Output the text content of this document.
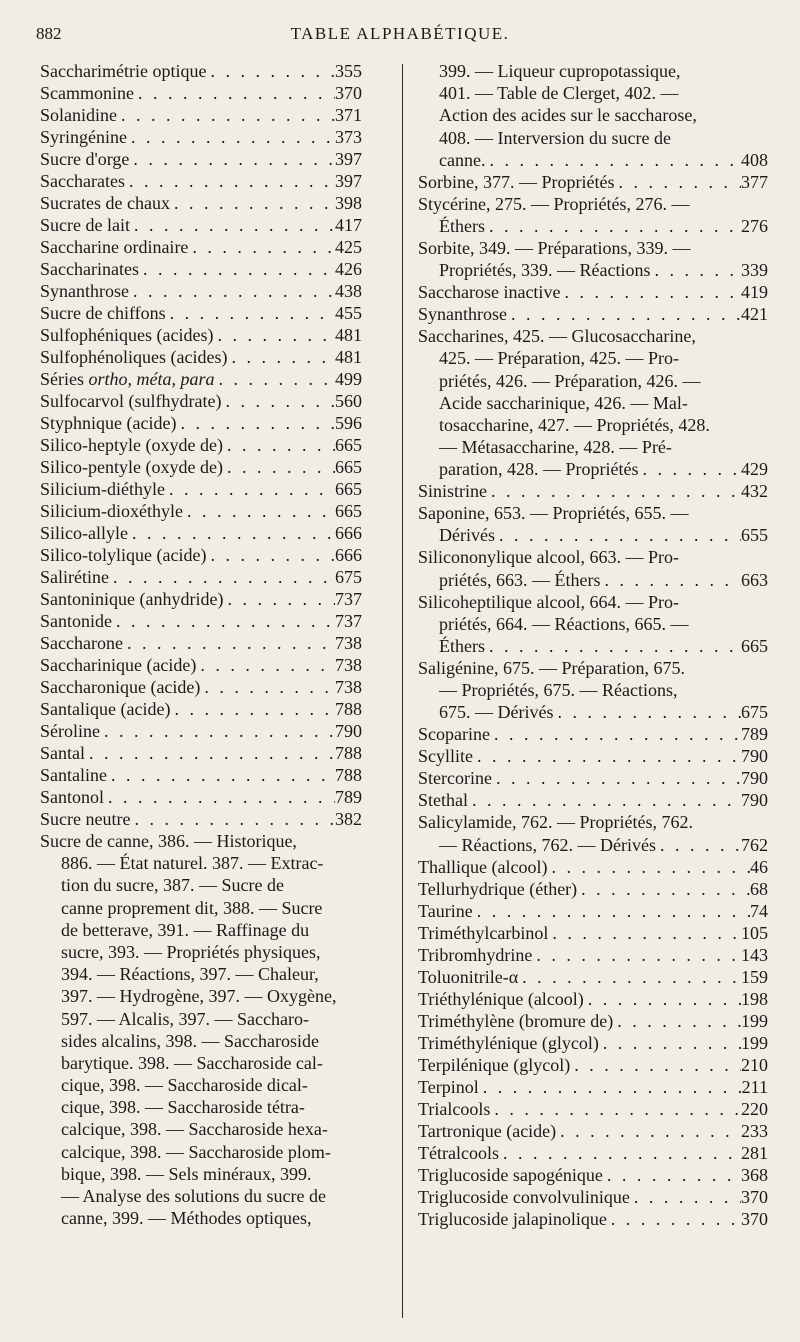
882	TABLE ALPHABÉTIQUE.
Saccharimétrie optique . . .	355
Scammonine . . .	370
Solanidine . . .	371
Syringénine . . .	373
Sucre d'orge . . .	397
Saccharates . . .	397
Sucrates de chaux . . .	398
Sucre de lait . . .	417
Saccharine ordinaire . . .	425
Saccharinates . . .	426
Synanthrose . . .	438
Sucre de chiffons . . .	455
Sulfophéniques (acides) . . .	481
Sulfophénoliques (acides) . . .	481
Séries ortho, méta, para . . .	499
Sulfocarvol (sulfhydrate) . . .	560
Styphnique (acide) . . .	596
Silico-heptyle (oxyde de) . . .	665
Silico-pentyle (oxyde de) . . .	665
Silicium-diéthyle . . .	665
Silicium-dioxéthyle . . .	665
Silico-allyle . . .	666
Silico-tolylique (acide) . . .	666
Salirétine . . .	675
Santoninique (anhydride) . . .	737
Santonide . . .	737
Saccharone . . .	738
Saccharinique (acide) . . .	738
Saccharonique (acide) . . .	738
Santalique (acide) . . .	788
Séroline . . .	790
Santal . . .	788
Santaline . . .	788
Santonol . . .	789
Sucre neutre . . .	382
Sucre de canne, 386. — Historique,
886. — État naturel. 387. — Extrac-
tion du sucre, 387. — Sucre de
canne proprement dit, 388. — Sucre
de betterave, 391. — Raffinage du
sucre, 393. — Propriétés physiques,
394. — Réactions, 397. — Chaleur,
397. — Hydrogène, 397. — Oxygène,
597. — Alcalis, 397. — Saccharo-
sides alcalins, 398. — Saccharoside
barytique. 398. — Saccharoside cal-
cique, 398. — Saccharoside dical-
cique, 398. — Saccharoside tétra-
calcique, 398. — Saccharoside hexa-
calcique, 398. — Saccharoside plom-
bique, 398. — Sels minéraux, 399.
— Analyse des solutions du sucre de
canne, 399. — Méthodes optiques,
399. — Liqueur cupropotassique,
401. — Table de Clerget, 402. —
Action des acides sur le saccharose,
408. — Interversion du sucre de
canne. . . .	408
Sorbine, 377. — Propriétés . . .	377
Stycérine, 275. — Propriétés, 276. —
Éthers . . .	276
Sorbite, 349. — Préparations, 339. —
Propriétés, 339. — Réactions . . .	339
Saccharose inactive . . .	419
Synanthrose . . .	421
Saccharines, 425. — Glucosaccharine,
425. — Préparation, 425. — Pro-
priétés, 426. — Préparation, 426. —
Acide saccharinique, 426. — Mal-
tosaccharine, 427. — Propriétés, 428.
— Métasaccharine, 428. — Pré-
paration, 428. — Propriétés . . .	429
Sinistrine . . .	432
Saponine, 653. — Propriétés, 655. —
Dérivés . . .	655
Silicononylique alcool, 663. — Pro-
priétés, 663. — Éthers . . .	663
Silicoheptilique alcool, 664. — Pro-
priétés, 664. — Réactions, 665. —
Éthers . . .	665
Saligénine, 675. — Préparation, 675.
— Propriétés, 675. — Réactions,
675. — Dérivés . . .	675
Scoparine . . .	789
Scyllite . . .	790
Stercorine . . .	790
Stethal . . .	790
Salicylamide, 762. — Propriétés, 762.
— Réactions, 762. — Dérivés . . .	762
Thallique (alcool) . . .	46
Tellurhydrique (éther) . . .	68
Taurine . . .	74
Triméthylcarbinol . . .	105
Tribromhydrine . . .	143
Toluonitrile-α . . .	159
Triéthylénique (alcool) . . .	198
Triméthylène (bromure de) . . .	199
Triméthylénique (glycol) . . .	199
Terpilénique (glycol) . . .	210
Terpinol . . .	211
Trialcools . . .	220
Tartronique (acide) . . .	233
Tétralcools . . .	281
Triglucoside sapogénique . . .	368
Triglucoside convolvulinique . . .	370
Triglucoside jalapinolique . . .	370
